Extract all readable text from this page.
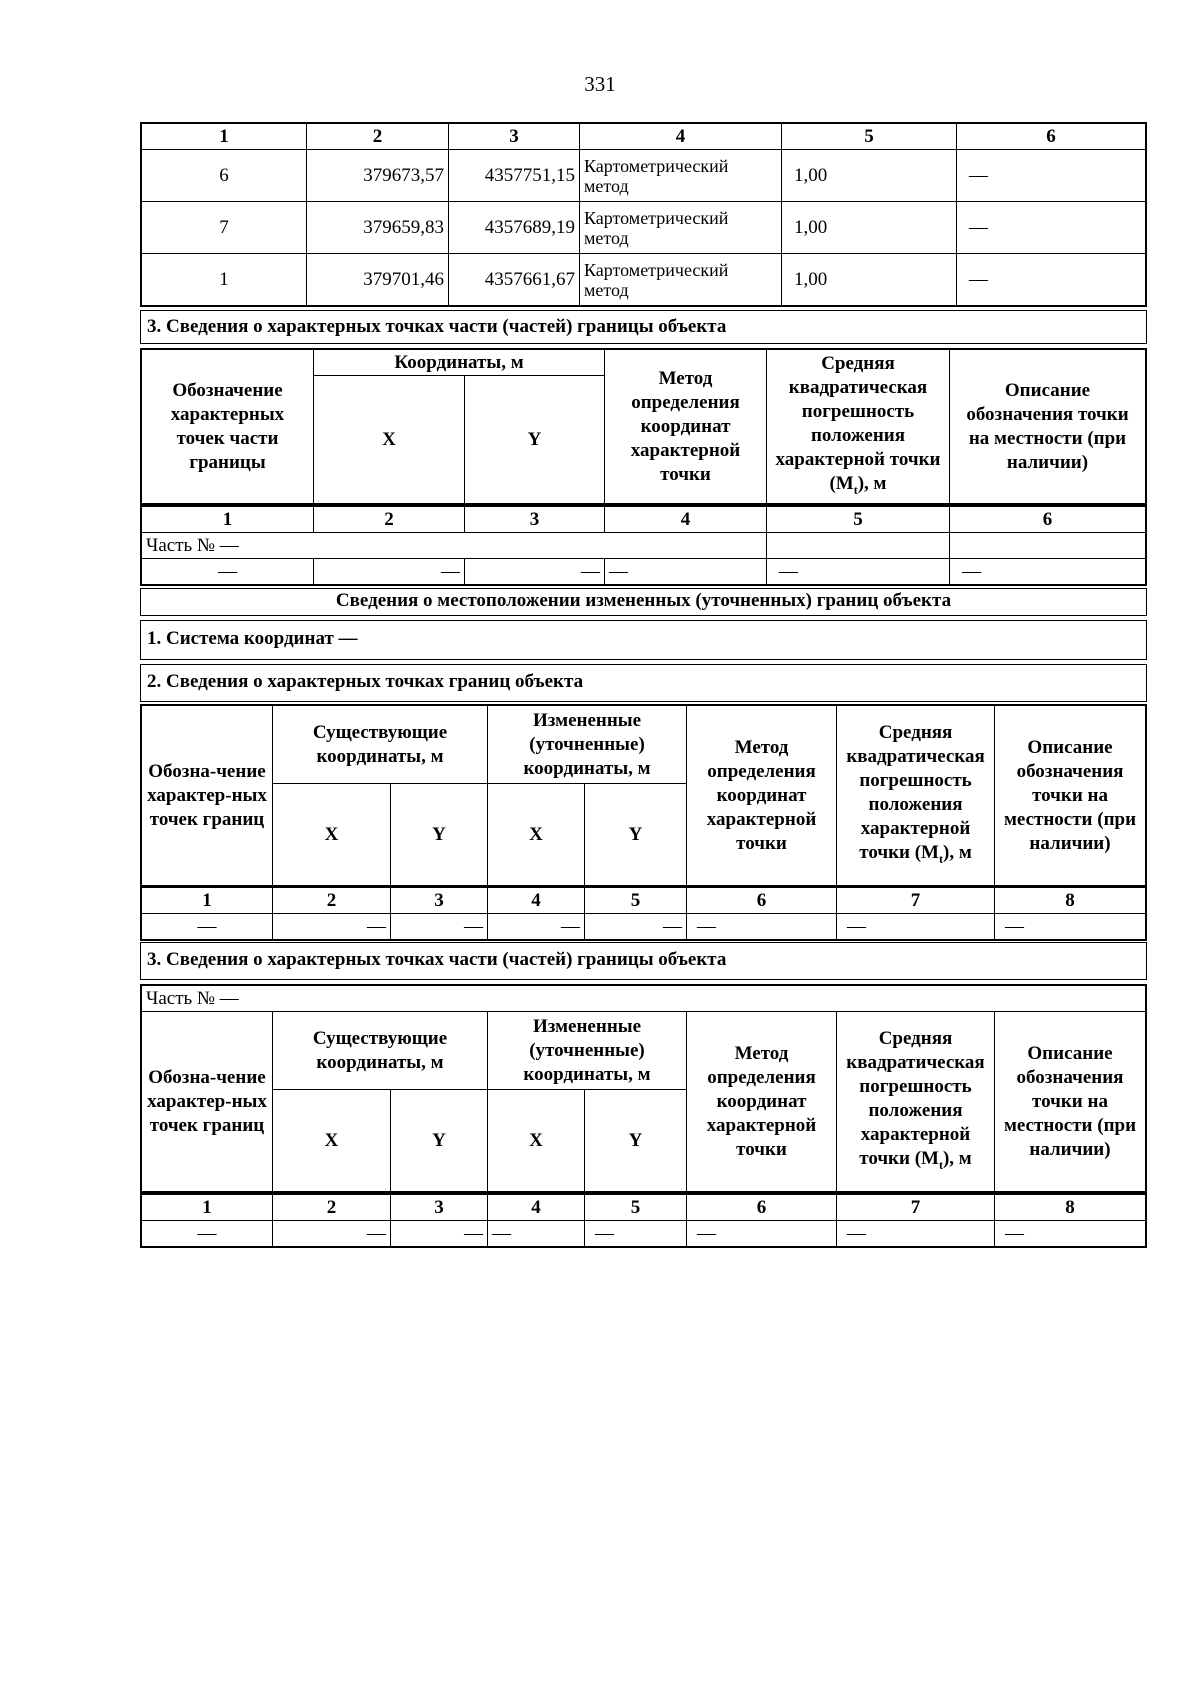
331
1	2	3	4	5	6
6	379673,57	4357751,15	Картометрический метод	1,00	—
7	379659,83	4357689,19	Картометрический метод	1,00	—
1	379701,46	4357661,67	Картометрический метод	1,00	—
3. Сведения о характерных точках части (частей) границы объекта
Обозначение характерных точек части границы	Координаты, м		Метод определения координат характерной точки	Средняя квадратическая погрешность положения характерной точки $(M_t)$, м	Описание обозначения точки на местности (при наличии)
	X	Y			
1	2	3	4	5	6
Часть № —					
—	—	—	—	—	—
Сведения о местоположении измененных (уточненных) границ объекта
1. Система координат —
2. Сведения о характерных точках границ объекта
Обозна-чение характер-ных точек границ	Существующие координаты, м		Измененные (уточненные) координаты, м		Метод определения координат характерной точки	Средняя квадратическая погрешность положения характерной точки $(M_t)$, м	Описание обозначения точки на местности (при наличии)
	X	Y	X	Y			
1	2	3	4	5	6	7	8
—	—	—	—	—	—	—	—
3. Сведения о характерных точках части (частей) границы объекта
Часть № —							
Обозна-чение характер-ных точек границ	Существующие координаты, м		Измененные (уточненные) координаты, м		Метод определения координат характерной точки	Средняя квадратическая погрешность положения характерной точки $(M_t)$, м	Описание обозначения точки на местности (при наличии)
	X	Y	X	Y			
1	2	3	4	5	6	7	8
—	—	—	—	—	—	—	—
